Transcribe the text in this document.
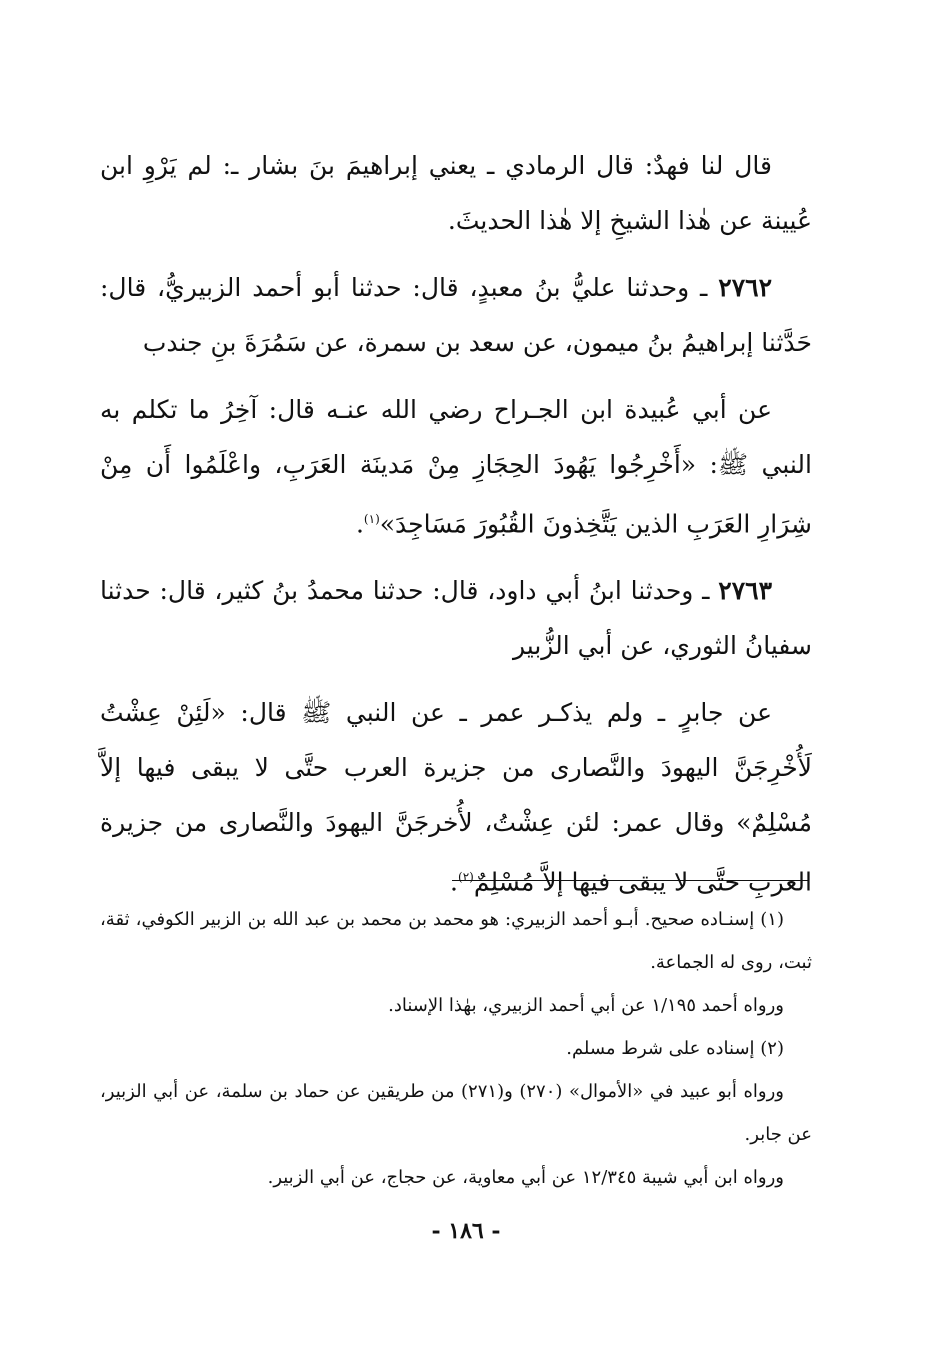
قال لنا فهدٌ: قال الرمادي ـ يعني إبراهيمَ بنَ بشار ـ: لم يَرْوِ ابن عُيينة عن هٰذا الشيخِ إلا هٰذا الحديثَ.

٢٧٦٢ ـ وحدثنا عليُّ بنُ معبدٍ، قال: حدثنا أبو أحمد الزبيريُّ، قال: حَدَّثنا إبراهيمُ بنُ ميمون، عن سعد بن سمرة، عن سَمُرَةَ بنِ جندب

عن أبي عُبيدة ابن الجـراح رضي الله عنـه قال: آخِرُ ما تكلم به النبي ﷺ: «أَخْرِجُوا يَهُودَ الحِجَازِ مِنْ مَدينَة العَرَبِ، واعْلَمُوا أَن مِنْ شِرَارِ العَرَبِ الذين يَتَّخِذونَ القُبُورَ مَسَاجِدَ»$^{(١)}$.

٢٧٦٣ ـ وحدثنا ابنُ أبي داود، قال: حدثنا محمدُ بنُ كثير، قال: حدثنا سفيانُ الثوري، عن أبي الزُّبير

عن جابرٍ ـ ولم يذكـر عمر ـ عن النبي ﷺ قال: «لَئِنْ عِشْتُ لَأُخْرِجَنَّ اليهودَ والنَّصارى من جزيرة العرب حتَّى لا يبقى فيها إلاَّ مُسْلِمٌ» وقال عمر: لئن عِشْتُ، لأُخرجَنَّ اليهودَ والنَّصارى من جزيرة العربِ حتَّى لا يبقى فيها إلاَّ مُسْلِمٌ$^{(٢)}$.

(١) إسنـاده صحيح. أبـو أحمد الزبيري: هو محمد بن محمد بن عبد الله بن الزبير الكوفي، ثقة، ثبت، روى له الجماعة.

ورواه أحمد ١/١٩٥ عن أبي أحمد الزبيري، بهٰذا الإسناد.

(٢) إسناده على شرط مسلم.

ورواه أبو عبيد في «الأموال» (٢٧٠) و(٢٧١) من طريقين عن حماد بن سلمة، عن أبي الزبير، عن جابر.

ورواه ابن أبي شيبة ١٢/٣٤٥ عن أبي معاوية، عن حجاج، عن أبي الزبير.

- ١٨٦ -
